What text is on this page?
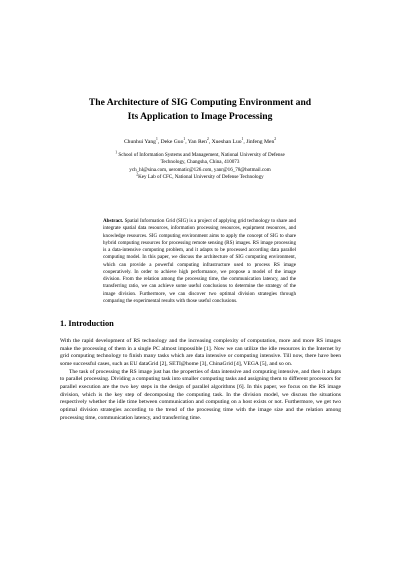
The Architecture of SIG Computing Environment and
Its Application to Image Processing
Chunhui Yang$^1$, Deke Guo$^1$, Yan Ren$^2$, Xueshan Luo$^1$, Jinfeng Men$^2$
$^1$ School of Information Systems and Management, National University of Defense
Technology, Changsha, China, 410073
ych_hl@sina.com, ueromatic@126.com, yanr@16_78@hotmail.com
$^2$Key Lab of CFC, National University of Defense Technology
Abstract. Spatial Information Grid (SIG) is a project of applying grid technology to share and integrate spatial data resources, information processing resources, equipment resources, and knowledge resources. SIG computing environment aims to apply the concept of SIG to share hybrid computing resources for processing remote sensing (RS) images. RS image processing is a data-intensive computing problem, and it adapts to be processed according data parallel computing model. In this paper, we discuss the architecture of SIG computing environment, which can provide a powerful computing infrastructure used to process RS image cooperatively. In order to achieve high performance, we propose a model of the image division. From the relation among the processing time, the communication latency, and the transferring ratio, we can achieve some useful conclusions to determine the strategy of the image division. Furthermore, we can discover two optimal division strategies through comparing the experimental results with those useful conclusions.
1. Introduction

With the rapid development of RS technology and the increasing complexity of computation, more and more RS images make the processing of them in a single PC almost impossible [1]. Now we can utilize the idle resources in the Internet by grid computing technology to finish many tasks which are data intensive or computing intensive. Till now, there have been some successful cases, such as EU dataGrid [2], SETI@home [3], ChinaGrid [4], VEGA [5], and so on.

The task of processing the RS image just has the properties of data intensive and computing intensive, and then it adapts to parallel processing. Dividing a computing task into smaller computing tasks and assigning them to different processors for parallel execution are the two key steps in the design of parallel algorithms [6]. In this paper, we focus on the RS image division, which is the key step of decomposing the computing task. In the division model, we discuss the situations respectively whether the idle time between communication and computing on a host exists or not. Furthermore, we get two optimal division strategies according to the trend of the processing time with the image size and the relation among processing time, communication latency, and transferring time.
